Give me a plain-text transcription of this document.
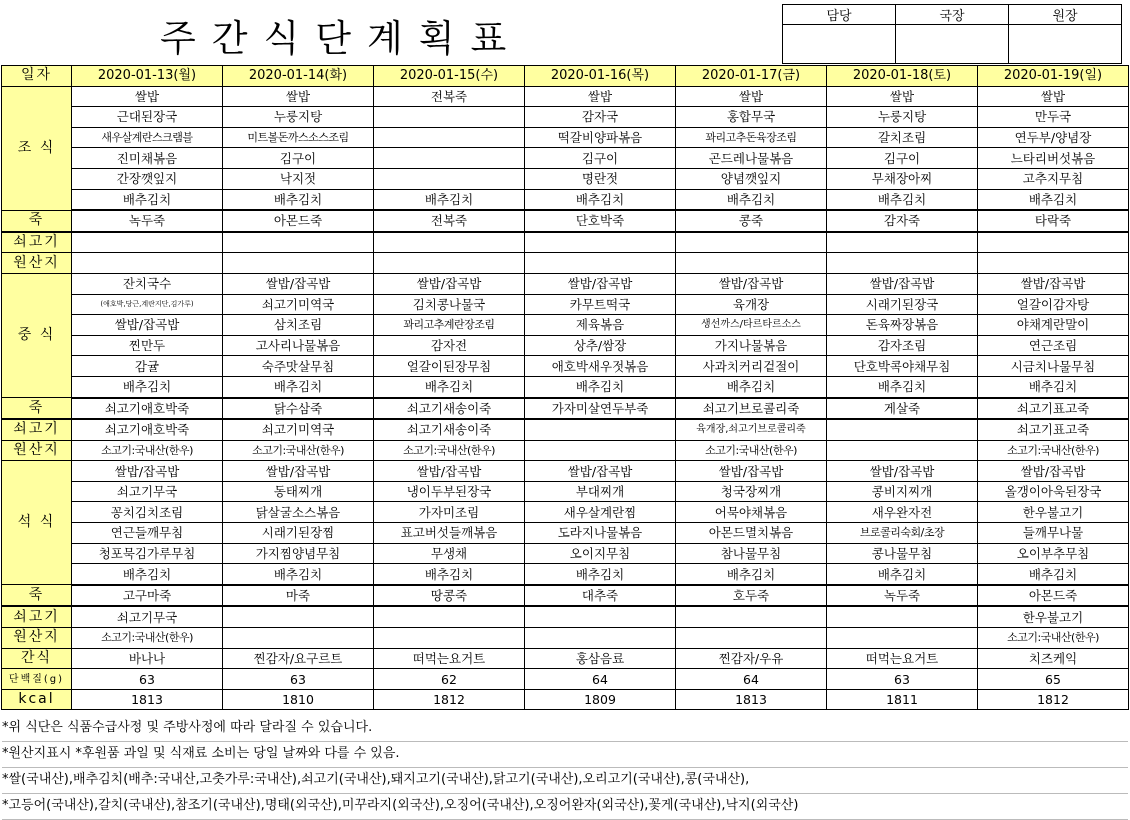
주간식단계획표
담당	국장	원장

일자	2020-01-13(월)	2020-01-14(화)	2020-01-15(수)	2020-01-16(목)	2020-01-17(금)	2020-01-18(토)	2020-01-19(일)
조 식	쌀밥	쌀밥	전복죽	쌀밥	쌀밥	쌀밥	쌀밥
	근대된장국	누룽지탕		감자국	홍합무국	누룽지탕	만두국
	새우살계란스크램블	미트볼돈까스소스조림		떡갈비양파볶음	꽈리고추돈육장조림	갈치조림	연두부/양념장
	진미채볶음	김구이		김구이	곤드레나물볶음	김구이	느타리버섯볶음
	간장깻잎지	낙지젓		명란젓	양념깻잎지	무채장아찌	고추지무침
	배추김치	배추김치	배추김치	배추김치	배추김치	배추김치	배추김치
죽	녹두죽	아몬드죽	전복죽	단호박죽	콩죽	감자죽	타락죽
쇠고기							
원산지							
중 식	잔치국수	쌀밥/잡곡밥	쌀밥/잡곡밥	쌀밥/잡곡밥	쌀밥/잡곡밥	쌀밥/잡곡밥	쌀밥/잡곡밥
	(애호박,당근,계란지단,김가루)	쇠고기미역국	김치콩나물국	카무트떡국	육개장	시래기된장국	얼갈이감자탕
	쌀밥/잡곡밥	삼치조림	꽈리고추계란장조림	제육볶음	생선까스/타르타르소스	돈육짜장볶음	야채계란말이
	찐만두	고사리나물볶음	감자전	상추/쌈장	가지나물볶음	감자조림	연근조림
	감귤	숙주맛살무침	얼갈이된장무침	애호박새우젓볶음	사과치커리겉절이	단호박콕야채무침	시금치나물무침
	배추김치	배추김치	배추김치	배추김치	배추김치	배추김치	배추김치
죽	쇠고기애호박죽	닭수삼죽	쇠고기새송이죽	가자미살연두부죽	쇠고기브로콜리죽	게살죽	쇠고기표고죽
쇠고기	쇠고기애호박죽	쇠고기미역국	쇠고기새송이죽		육개장,쇠고기브로콜리죽		쇠고기표고죽
원산지	소고기:국내산(한우)	소고기:국내산(한우)	소고기:국내산(한우)		소고기:국내산(한우)		소고기:국내산(한우)
석 식	쌀밥/잡곡밥	쌀밥/잡곡밥	쌀밥/잡곡밥	쌀밥/잡곡밥	쌀밥/잡곡밥	쌀밥/잡곡밥	쌀밥/잡곡밥
	쇠고기무국	동태찌개	냉이두부된장국	부대찌개	청국장찌개	콩비지찌개	올갱이아욱된장국
	꽁치김치조림	닭살굴소스볶음	가자미조림	새우살계란찜	어묵야채볶음	새우완자전	한우불고기
	연근들깨무침	시래기된장찜	표고버섯들깨볶음	도라지나물볶음	아몬드멸치볶음	브로콜리숙회/초장	들깨무나물
	청포묵김가루무침	가지찜양념무침	무생채	오이지무침	참나물무침	콩나물무침	오이부추무침
	배추김치	배추김치	배추김치	배추김치	배추김치	배추김치	배추김치
죽	고구마죽	마죽	땅콩죽	대추죽	호두죽	녹두죽	아몬드죽
쇠고기	쇠고기무국						한우불고기
원산지	소고기:국내산(한우)						소고기:국내산(한우)
간식	바나나	찐감자/요구르트	떠먹는요거트	홍삼음료	찐감자/우유	떠먹는요거트	치즈케익
단백질(g)	63	63	62	64	64	63	65
kcal	1813	1810	1812	1809	1813	1811	1812
*위 식단은 식품수급사정 및 주방사정에 따라 달라질 수 있습니다.
*원산지표시 *후원품 과일 및 식재료 소비는 당일 날짜와 다를 수 있음.
*쌀(국내산),배추김치(배추:국내산,고춧가루:국내산),쇠고기(국내산),돼지고기(국내산),닭고기(국내산),오리고기(국내산),콩(국내산),
*고등어(국내산),갈치(국내산),참조기(국내산),명태(외국산),미꾸라지(외국산),오징어(국내산),오징어완자(외국산),꽃게(국내산),낙지(외국산)
